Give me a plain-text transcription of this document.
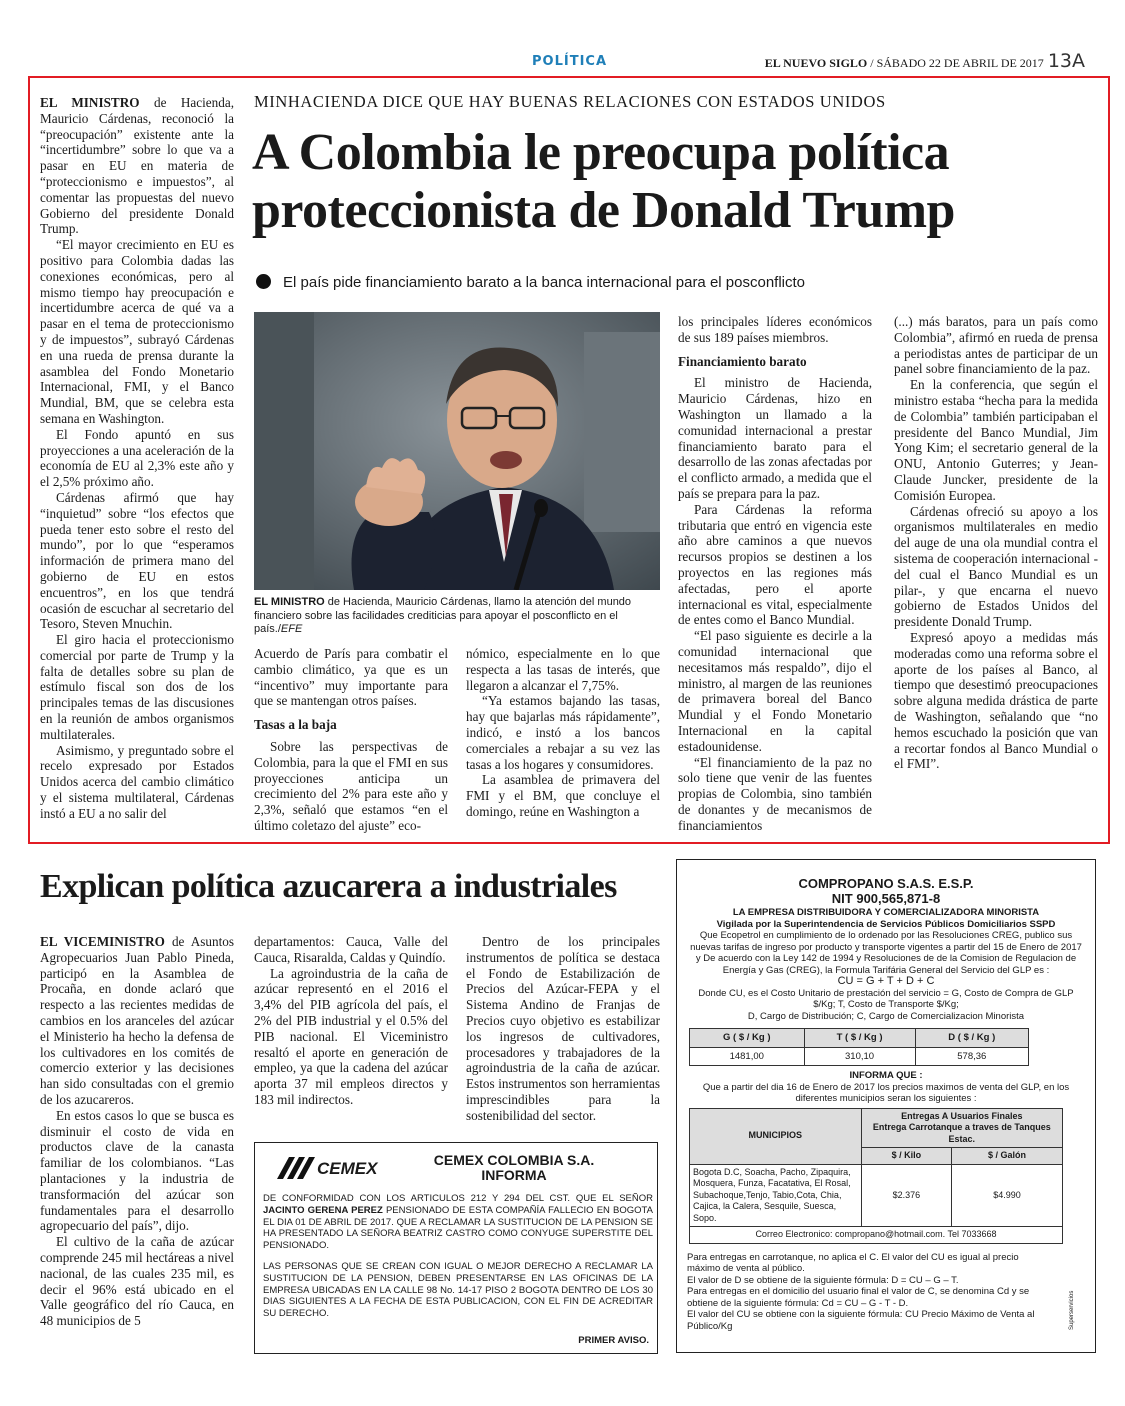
POLÍTICA	EL NUEVO SIGLO / SÁBADO 22 DE ABRIL DE 2017 13A
MINHACIENDA DICE QUE HAY BUENAS RELACIONES CON ESTADOS UNIDOS
A Colombia le preocupa política proteccionista de Donald Trump
El país pide financiamiento barato a la banca internacional para el posconflicto

EL MINISTRO de Hacienda, Mauricio Cárdenas, reconoció la “preocupación” existente ante la “incertidumbre” sobre lo que va a pasar en EU en materia de “proteccionismo e impuestos”, al comentar las propuestas del nuevo Gobierno del presidente Donald Trump.

“El mayor crecimiento en EU es positivo para Colombia dadas las conexiones económicas, pero al mismo tiempo hay preocupación e incertidumbre acerca de qué va a pasar en el tema de proteccionismo y de impuestos”, subrayó Cárdenas en una rueda de prensa durante la asamblea del Fondo Monetario Internacional, FMI, y el Banco Mundial, BM, que se celebra esta semana en Washington.

El Fondo apuntó en sus proyecciones a una aceleración de la economía de EU al 2,3% este año y el 2,5% próximo año.

Cárdenas afirmó que hay “inquietud” sobre “los efectos que pueda tener esto sobre el resto del mundo”, por lo que “esperamos información de primera mano del gobierno de EU en estos encuentros”, en los que tendrá ocasión de escuchar al secretario del Tesoro, Steven Mnuchin.

El giro hacia el proteccionismo comercial por parte de Trump y la falta de detalles sobre su plan de estímulo fiscal son dos de los principales temas de las discusiones en la reunión de ambos organismos multilaterales.

Asimismo, y preguntado sobre el recelo expresado por Estados Unidos acerca del cambio climático y el sistema multilateral, Cárdenas instó a EU a no salir del

EL MINISTRO de Hacienda, Mauricio Cárdenas, llamo la atención del mundo financiero sobre las facilidades crediticias para apoyar el posconflicto en el país./EFE

Acuerdo de París para combatir el cambio climático, ya que es un “incentivo” muy importante para que se mantengan otros países.

Tasas a la baja

Sobre las perspectivas de Colombia, para la que el FMI en sus proyecciones anticipa un crecimiento del 2% para este año y 2,3%, señaló que estamos “en el último coletazo del ajuste” eco-

nómico, especialmente en lo que respecta a las tasas de interés, que llegaron a alcanzar el 7,75%.

“Ya estamos bajando las tasas, hay que bajarlas más rápidamente”, indicó, e instó a los bancos comerciales a rebajar a su vez las tasas a los hogares y consumidores.

La asamblea de primavera del FMI y el BM, que concluye el domingo, reúne en Washington a

los principales líderes económicos de sus 189 países miembros.

Financiamiento barato

El ministro de Hacienda, Mauricio Cárdenas, hizo en Washington un llamado a la comunidad internacional a prestar financiamiento barato para el desarrollo de las zonas afectadas por el conflicto armado, a medida que el país se prepara para la paz.

Para Cárdenas la reforma tributaria que entró en vigencia este año abre caminos a que nuevos recursos propios se destinen a los proyectos en las regiones más afectadas, pero el aporte internacional es vital, especialmente de entes como el Banco Mundial.

“El paso siguiente es decirle a la comunidad internacional que necesitamos más respaldo”, dijo el ministro, al margen de las reuniones de primavera boreal del Banco Mundial y el Fondo Monetario Internacional en la capital estadounidense.

“El financiamiento de la paz no solo tiene que venir de las fuentes propias de Colombia, sino también de donantes y de mecanismos de financiamientos

(...) más baratos, para un país como Colombia”, afirmó en rueda de prensa a periodistas antes de participar de un panel sobre financiamiento de la paz.

En la conferencia, que según el ministro estaba “hecha para la medida de Colombia” también participaban el presidente del Banco Mundial, Jim Yong Kim; el secretario general de la ONU, Antonio Guterres; y Jean-Claude Juncker, presidente de la Comisión Europea.

Cárdenas ofreció su apoyo a los organismos multilaterales en medio del auge de una ola mundial contra el sistema de cooperación internacional -del cual el Banco Mundial es un pilar-, y que encarna el nuevo gobierno de Estados Unidos del presidente Donald Trump.

Expresó apoyo a medidas más moderadas como una reforma sobre el aporte de los países al Banco, al tiempo que desestimó preocupaciones sobre alguna medida drástica de parte de Washington, señalando que “no hemos escuchado la posición que van a recortar fondos al Banco Mundial o el FMI”.

Explican política azucarera a industriales

EL VICEMINISTRO de Asuntos Agropecuarios Juan Pablo Pineda, participó en la Asamblea de Procaña, en donde aclaró que respecto a las recientes medidas de cambios en los aranceles del azúcar el Ministerio ha hecho la defensa de los cultivadores en los comités de comercio exterior y las decisiones han sido consultadas con el gremio de los azucareros.

En estos casos lo que se busca es disminuir el costo de vida en productos clave de la canasta familiar de los colombianos. “Las plantaciones y la industria de transformación del azúcar son fundamentales para el desarrollo agropecuario del país”, dijo.

El cultivo de la caña de azúcar comprende 245 mil hectáreas a nivel nacional, de las cuales 235 mil, es decir el 96% está ubicado en el Valle geográfico del río Cauca, en 48 municipios de 5

departamentos: Cauca, Valle del Cauca, Risaralda, Caldas y Quindío.

La agroindustria de la caña de azúcar representó en el 2016 el 3,4% del PIB agrícola del país, el 2% del PIB industrial y el 0.5% del PIB nacional. El Viceministro resaltó el aporte en generación de empleo, ya que la cadena del azúcar aporta 37 mil empleos directos y 183 mil indirectos.

Dentro de los principales instrumentos de política se destaca el Fondo de Estabilización de Precios del Azúcar-FEPA y el Sistema Andino de Franjas de Precios cuyo objetivo es estabilizar los ingresos de cultivadores, procesadores y trabajadores de la agroindustria de la caña de azúcar. Estos instrumentos son herramientas imprescindibles para la sostenibilidad del sector.

CEMEX	CEMEX COLOMBIA S.A.
INFORMA
DE CONFORMIDAD CON LOS ARTICULOS 212 Y 294 DEL CST. QUE EL SEÑOR JACINTO GERENA PEREZ PENSIONADO DE ESTA COMPAÑÍA FALLECIO EN BOGOTA EL DIA 01 DE ABRIL DE 2017. QUE A RECLAMAR LA SUSTITUCION DE LA PENSION SE HA PRESENTADO LA SEÑORA BEATRIZ CASTRO COMO CONYUGE SUPERSTITE DEL PENSIONADO.
LAS PERSONAS QUE SE CREAN CON IGUAL O MEJOR DERECHO A RECLAMAR LA SUSTITUCION DE LA PENSION, DEBEN PRESENTARSE EN LAS OFICINAS DE LA EMPRESA UBICADAS EN LA CALLE 98 No. 14-17 PISO 2 BOGOTA DENTRO DE LOS 30 DIAS SIGUIENTES A LA FECHA DE ESTA PUBLICACION, CON EL FIN DE ACREDITAR SU DERECHO.
PRIMER AVISO.
COMPROPANO S.A.S. E.S.P.
NIT 900,565,871-8
LA EMPRESA DISTRIBUIDORA Y COMERCIALIZADORA MINORISTA
Vigilada por la Superintendencia de Servicios Públicos Domiciliarios SSPD
Que Ecopetrol en cumplimiento de lo ordenado por las Resoluciones CREG, publico sus nuevas tarifas de ingreso por producto y transporte vigentes a partir del 15 de Enero de 2017 y De acuerdo con la Ley 142 de 1994 y Resoluciones de de la Comision de Regulacion de Energía y Gas (CREG), la Formula Tarifária General del Servicio del GLP es :
CU = G + T + D + C
Donde CU, es el Costo Unitario de prestación del servicio = G, Costo de Compra de GLP $/Kg; T, Costo de Transporte $/Kg;
D, Cargo de Distribución; C, Cargo de Comercializacion Minorista
G ( $ / Kg )	T ( $ / Kg )	D ( $ / Kg )
1481,00	310,10	578,36
INFORMA QUE :
Que a partir del dia 16 de Enero de 2017 los precios maximos de venta del GLP, en los diferentes municipios seran los siguientes :
MUNICIPIOS	Entregas A Usuarios Finales
Entrega Carrotanque a traves de Tanques Estac.	

	$ / Kilo	$ / Galón
Bogota D.C, Soacha, Pacho, Zipaquira, Mosquera, Funza, Facatativa, El Rosal, Subachoque,Tenjo, Tabio,Cota, Chia, Cajica, la Calera, Sesquile, Suesca, Sopo.	$2.376	$4.990
Correo Electronico: compropano@hotmail.com. Tel 7033668		
Para entregas en carrotanque, no aplica el C. El valor del CU es igual al precio máximo de venta al público.
El valor de D se obtiene de la siguiente fórmula: D = CU – G – T.
Para entregas en el domicilio del usuario final el valor de C, se denomina Cd y se obtiene de la siguiente fórmula: Cd = CU – G - T - D.
El valor del CU se obtiene con la siguiente fórmula: CU Precio Máximo de Venta al Público/Kg	Superservicios
